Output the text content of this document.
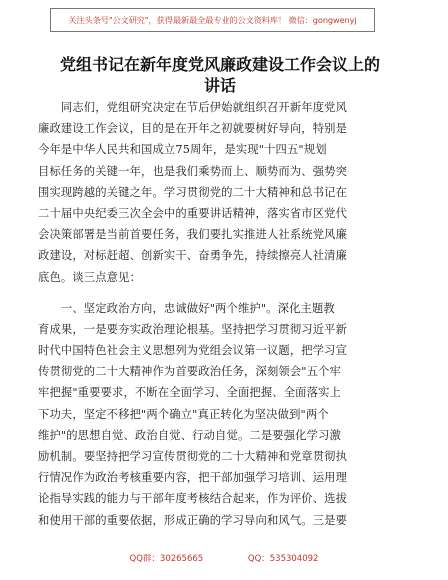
关注头条号"公文研究"，获得最新最全最专业的公文资料库！ 微信：gongwenyj
党组书记在新年度党风廉政建设工作会议上的
讲话
　　同志们，党组研究决定在节后伊始就组织召开新年度党风
廉政建设工作会议，目的是在开年之初就要树好导向，特别是
今年是中华人民共和国成立75周年，是实现"十四五"规划
目标任务的关键一年，也是我们乘势而上、顺势而为、强势突
围实现跨越的关键之年。学习贯彻党的二十大精神和总书记在
二十届中央纪委三次全会中的重要讲话精神，落实省市区党代
会决策部署是当前首要任务，我们要扎实推进人社系统党风廉
政建设，对标赶超、创新实干、奋勇争先，持续擦亮人社清廉
底色。谈三点意见：
　　一、坚定政治方向，忠诚做好"两个维护"。深化主题教
育成果，一是要夯实政治理论根基。坚持把学习贯彻习近平新
时代中国特色社会主义思想列为党组会议第一议题，把学习宣
传贯彻党的二十大精神作为首要政治任务，深刻领会"五个牢
牢把握"重要要求，不断在全面学习、全面把握、全面落实上
下功夫，坚定不移把"两个确立"真正转化为坚决做到"两个
维护"的思想自觉、政治自觉、行动自觉。二是要强化学习激
励机制。要坚持把学习宣传贯彻党的二十大精神和党章贯彻执
行情况作为政治考核重要内容，把干部加强学习培训、运用理
论指导实践的能力与干部年度考核结合起来，作为评价、选拔
和使用干部的重要依据，形成正确的学习导向和风气。三是要
QQ群：30265665	QQ：535304092
